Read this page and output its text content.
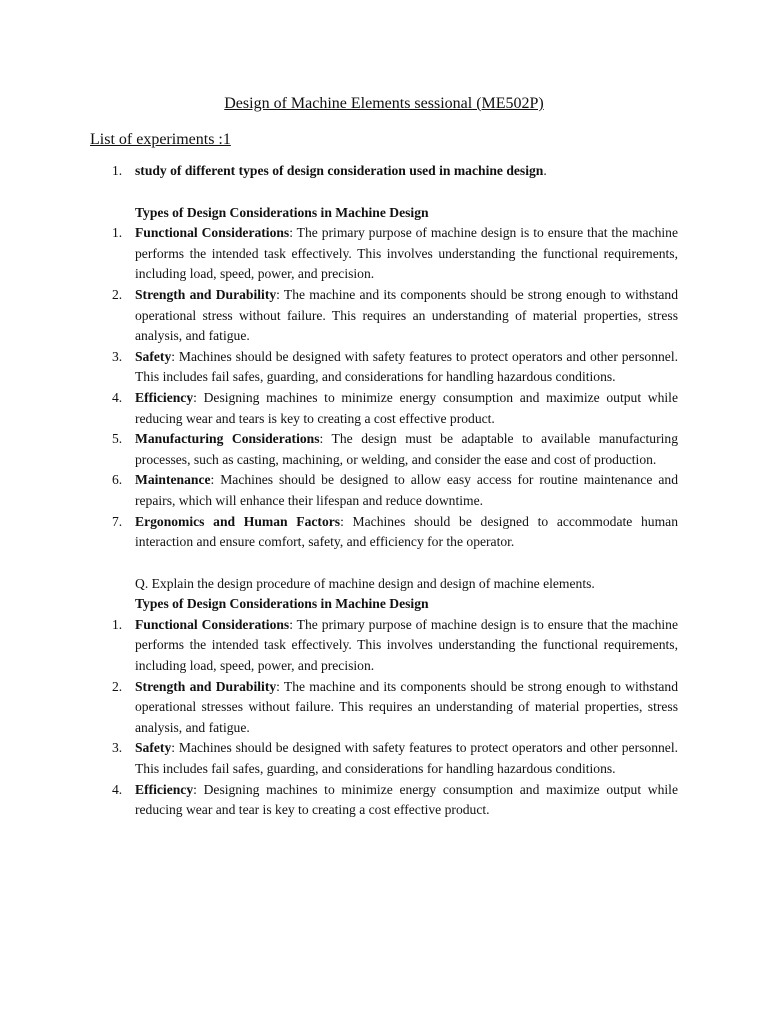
Design of Machine Elements sessional (ME502P)
List of experiments :1
1. study of different types of design consideration used in machine design.
Types of Design Considerations in Machine Design
1. Functional Considerations: The primary purpose of machine design is to ensure that the machine performs the intended task effectively. This involves understanding the functional requirements, including load, speed, power, and precision.
2. Strength and Durability: The machine and its components should be strong enough to withstand operational stress without failure. This requires an understanding of material properties, stress analysis, and fatigue.
3. Safety: Machines should be designed with safety features to protect operators and other personnel. This includes fail safes, guarding, and considerations for handling hazardous conditions.
4. Efficiency: Designing machines to minimize energy consumption and maximize output while reducing wear and tears is key to creating a cost effective product.
5. Manufacturing Considerations: The design must be adaptable to available manufacturing processes, such as casting, machining, or welding, and consider the ease and cost of production.
6. Maintenance: Machines should be designed to allow easy access for routine maintenance and repairs, which will enhance their lifespan and reduce downtime.
7. Ergonomics and Human Factors: Machines should be designed to accommodate human interaction and ensure comfort, safety, and efficiency for the operator.
Q. Explain the design procedure of machine design and design of machine elements.
Types of Design Considerations in Machine Design
1. Functional Considerations: The primary purpose of machine design is to ensure that the machine performs the intended task effectively. This involves understanding the functional requirements, including load, speed, power, and precision.
2. Strength and Durability: The machine and its components should be strong enough to withstand operational stresses without failure. This requires an understanding of material properties, stress analysis, and fatigue.
3. Safety: Machines should be designed with safety features to protect operators and other personnel. This includes fail safes, guarding, and considerations for handling hazardous conditions.
4. Efficiency: Designing machines to minimize energy consumption and maximize output while reducing wear and tear is key to creating a cost effective product.
